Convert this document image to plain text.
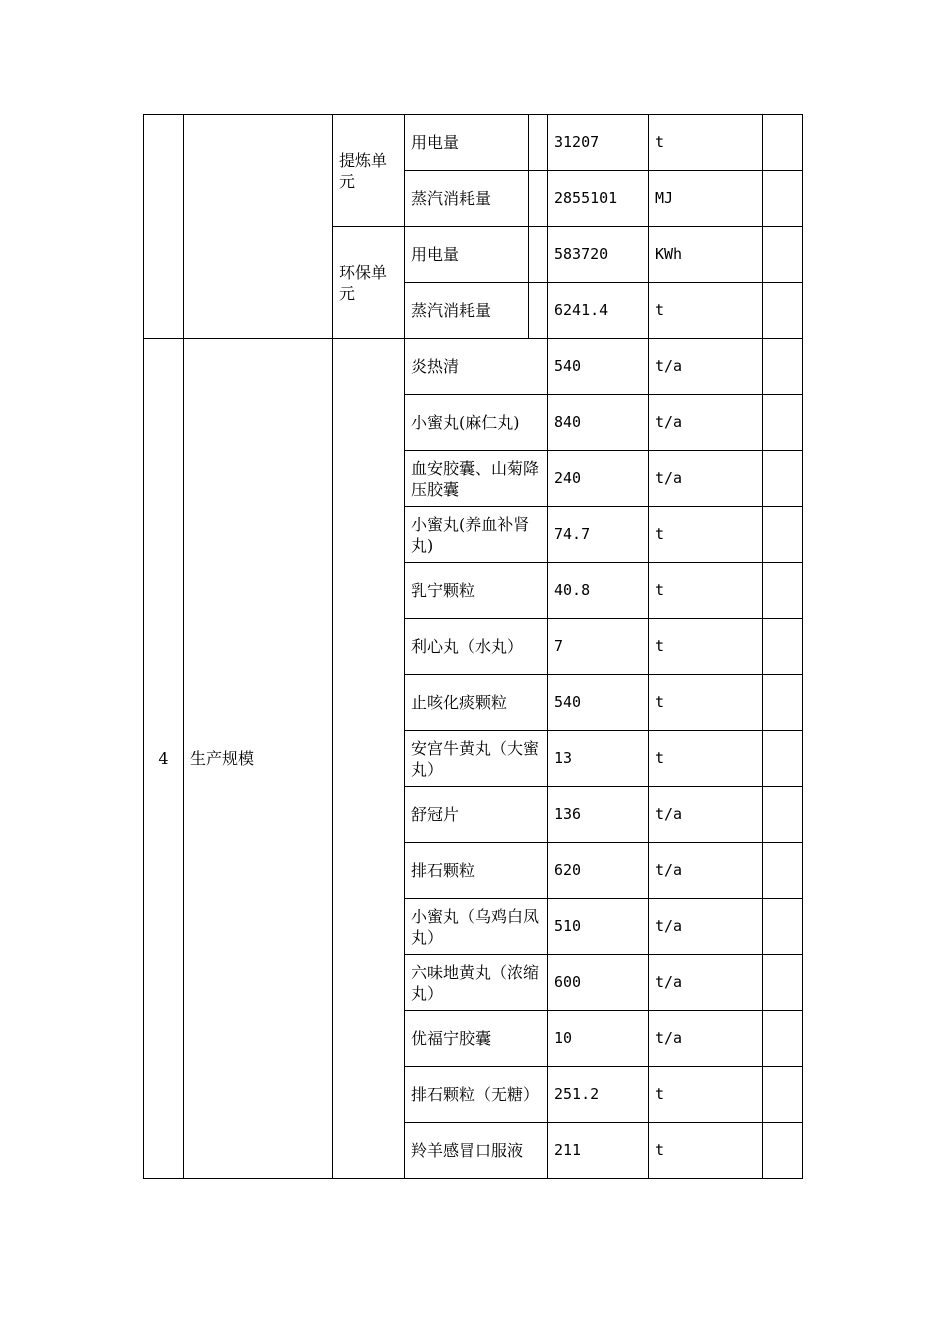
		提炼单元	用电量		31207	t	
			蒸汽消耗量		2855101	MJ	
		环保单元	用电量		583720	KWh	
			蒸汽消耗量		6241.4	t	
4	生产规模		炎热清		540	t/a	
			小蜜丸(麻仁丸)		840	t/a	
			血安胶囊、山菊降压胶囊		240	t/a	
			小蜜丸(养血补肾丸)		74.7	t	
			乳宁颗粒		40.8	t	
			利心丸（水丸）		7	t	
			止咳化痰颗粒		540	t	
			安宫牛黄丸（大蜜丸）		13	t	
			舒冠片		136	t/a	
			排石颗粒		620	t/a	
			小蜜丸（乌鸡白凤丸）		510	t/a	
			六味地黄丸（浓缩丸）		600	t/a	
			优福宁胶囊		10	t/a	
			排石颗粒（无糖）		251.2	t	
			羚羊感冒口服液		211	t	
